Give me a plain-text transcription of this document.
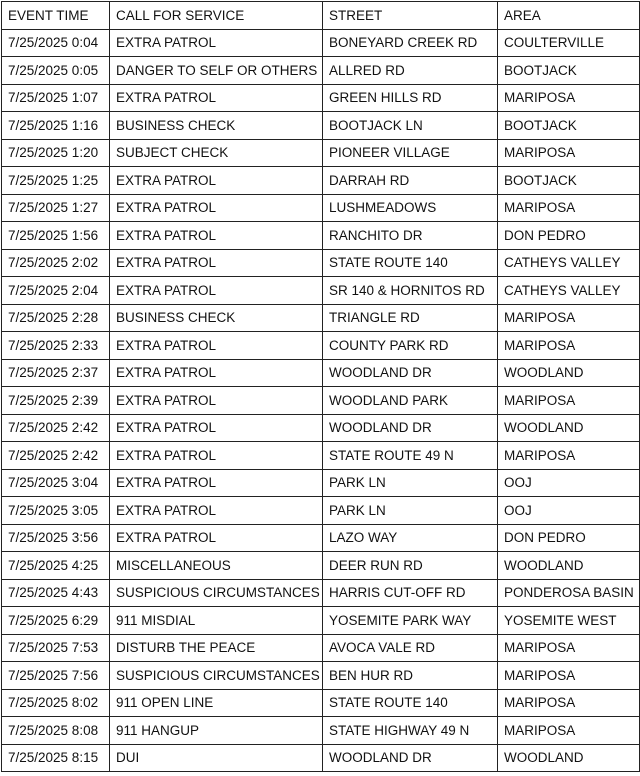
EVENT TIME	CALL FOR SERVICE	STREET	AREA
7/25/2025 0:04	EXTRA PATROL	BONEYARD CREEK RD	COULTERVILLE
7/25/2025 0:05	DANGER TO SELF OR OTHERS	ALLRED RD	BOOTJACK
7/25/2025 1:07	EXTRA PATROL	GREEN HILLS RD	MARIPOSA
7/25/2025 1:16	BUSINESS CHECK	BOOTJACK LN	BOOTJACK
7/25/2025 1:20	SUBJECT CHECK	PIONEER VILLAGE	MARIPOSA
7/25/2025 1:25	EXTRA PATROL	DARRAH RD	BOOTJACK
7/25/2025 1:27	EXTRA PATROL	LUSHMEADOWS	MARIPOSA
7/25/2025 1:56	EXTRA PATROL	RANCHITO DR	DON PEDRO
7/25/2025 2:02	EXTRA PATROL	STATE ROUTE 140	CATHEYS VALLEY
7/25/2025 2:04	EXTRA PATROL	SR 140 & HORNITOS RD	CATHEYS VALLEY
7/25/2025 2:28	BUSINESS CHECK	TRIANGLE RD	MARIPOSA
7/25/2025 2:33	EXTRA PATROL	COUNTY PARK RD	MARIPOSA
7/25/2025 2:37	EXTRA PATROL	WOODLAND DR	WOODLAND
7/25/2025 2:39	EXTRA PATROL	WOODLAND PARK	MARIPOSA
7/25/2025 2:42	EXTRA PATROL	WOODLAND DR	WOODLAND
7/25/2025 2:42	EXTRA PATROL	STATE ROUTE 49 N	MARIPOSA
7/25/2025 3:04	EXTRA PATROL	PARK LN	OOJ
7/25/2025 3:05	EXTRA PATROL	PARK LN	OOJ
7/25/2025 3:56	EXTRA PATROL	LAZO WAY	DON PEDRO
7/25/2025 4:25	MISCELLANEOUS	DEER RUN RD	WOODLAND
7/25/2025 4:43	SUSPICIOUS CIRCUMSTANCES	HARRIS CUT-OFF RD	PONDEROSA BASIN
7/25/2025 6:29	911 MISDIAL	YOSEMITE PARK WAY	YOSEMITE WEST
7/25/2025 7:53	DISTURB THE PEACE	AVOCA VALE RD	MARIPOSA
7/25/2025 7:56	SUSPICIOUS CIRCUMSTANCES	BEN HUR RD	MARIPOSA
7/25/2025 8:02	911 OPEN LINE	STATE ROUTE 140	MARIPOSA
7/25/2025 8:08	911 HANGUP	STATE HIGHWAY 49 N	MARIPOSA
7/25/2025 8:15	DUI	WOODLAND DR	WOODLAND
